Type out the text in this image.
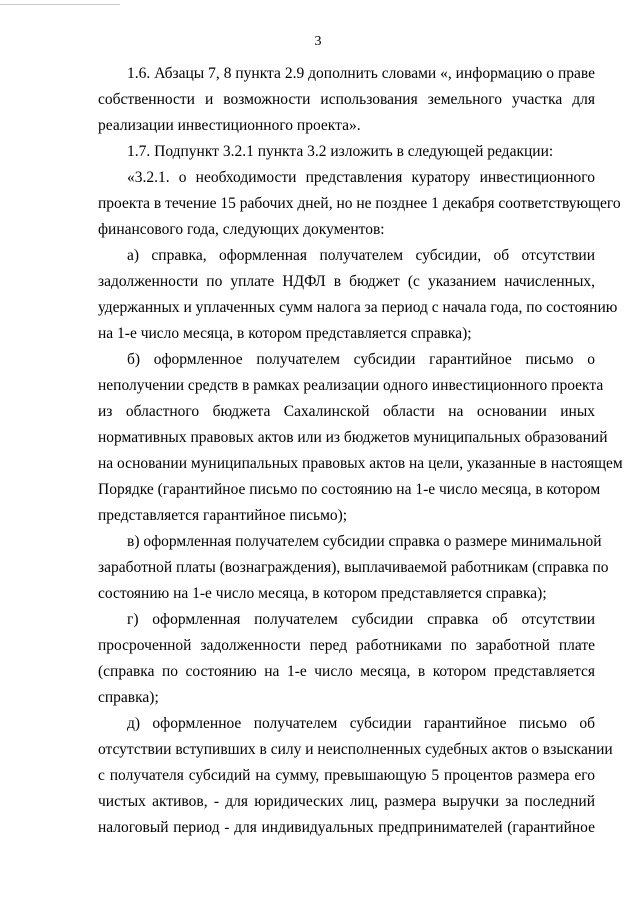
3
1.6. Абзацы 7, 8 пункта 2.9 дополнить словами «, информацию о праве
собственности и возможности использования земельного участка для
реализации инвестиционного проекта».
1.7. Подпункт 3.2.1 пункта 3.2 изложить в следующей редакции:
«3.2.1. о необходимости представления куратору инвестиционного
проекта в течение 15 рабочих дней, но не позднее 1 декабря соответствующего
финансового года, следующих документов:
а) справка, оформленная получателем субсидии, об отсутствии
задолженности по уплате НДФЛ в бюджет (с указанием начисленных,
удержанных и уплаченных сумм налога за период с начала года, по состоянию
на 1-е число месяца, в котором представляется справка);
б) оформленное получателем субсидии гарантийное письмо о
неполучении средств в рамках реализации одного инвестиционного проекта
из областного бюджета Сахалинской области на основании иных
нормативных правовых актов или из бюджетов муниципальных образований
на основании муниципальных правовых актов на цели, указанные в настоящем
Порядке (гарантийное письмо по состоянию на 1-е число месяца, в котором
представляется гарантийное письмо);
в) оформленная получателем субсидии справка о размере минимальной
заработной платы (вознаграждения), выплачиваемой работникам (справка по
состоянию на 1-е число месяца, в котором представляется справка);
г) оформленная получателем субсидии справка об отсутствии
просроченной задолженности перед работниками по заработной плате
(справка по состоянию на 1-е число месяца, в котором представляется
справка);
д) оформленное получателем субсидии гарантийное письмо об
отсутствии вступивших в силу и неисполненных судебных актов о взыскании
с получателя субсидий на сумму, превышающую 5 процентов размера его
чистых активов, - для юридических лиц, размера выручки за последний
налоговый период - для индивидуальных предпринимателей (гарантийное
